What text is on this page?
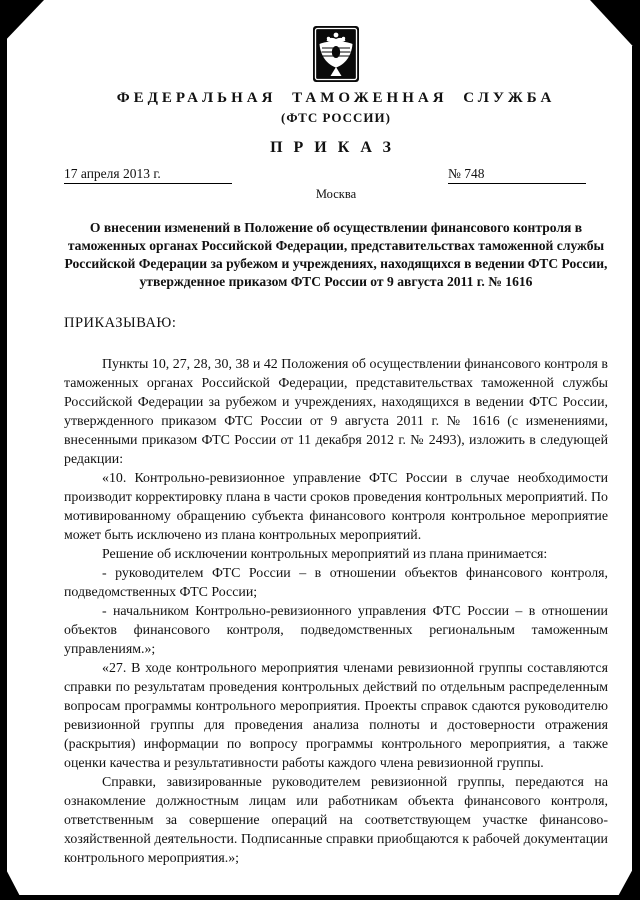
ФЕДЕРАЛЬНАЯ ТАМОЖЕННАЯ СЛУЖБА
(ФТС РОССИИ)
ПРИКАЗ
17 апреля 2013 г.	№ 748
Москва
О внесении изменений в Положение об осуществлении финансового контроля в таможенных органах Российской Федерации, представительствах таможенной службы Российской Федерации за рубежом и учреждениях, находящихся в ведении ФТС России, утвержденное приказом ФТС России от 9 августа 2011 г. № 1616
ПРИКАЗЫВАЮ:

Пункты 10, 27, 28, 30, 38 и 42 Положения об осуществлении финансового контроля в таможенных органах Российской Федерации, представительствах таможенной службы Российской Федерации за рубежом и учреждениях, находящихся в ведении ФТС России, утвержденного приказом ФТС России от 9 августа 2011 г. № 1616 (с изменениями, внесенными приказом ФТС России от 11 декабря 2012 г. № 2493), изложить в следующей редакции:

«10. Контрольно-ревизионное управление ФТС России в случае необходимости производит корректировку плана в части сроков проведения контрольных мероприятий. По мотивированному обращению субъекта финансового контроля контрольное мероприятие может быть исключено из плана контрольных мероприятий.

Решение об исключении контрольных мероприятий из плана принимается:

- руководителем ФТС России – в отношении объектов финансового контроля, подведомственных ФТС России;

- начальником Контрольно-ревизионного управления ФТС России – в отношении объектов финансового контроля, подведомственных региональным таможенным управлениям.»;

«27. В ходе контрольного мероприятия членами ревизионной группы составляются справки по результатам проведения контрольных действий по отдельным распределенным вопросам программы контрольного мероприятия. Проекты справок сдаются руководителю ревизионной группы для проведения анализа полноты и достоверности отражения (раскрытия) информации по вопросу программы контрольного мероприятия, а также оценки качества и результативности работы каждого члена ревизионной группы.

Справки, завизированные руководителем ревизионной группы, передаются на ознакомление должностным лицам или работникам объекта финансового контроля, ответственным за совершение операций на соответствующем участке финансово-хозяйственной деятельности. Подписанные справки приобщаются к рабочей документации контрольного мероприятия.»;
